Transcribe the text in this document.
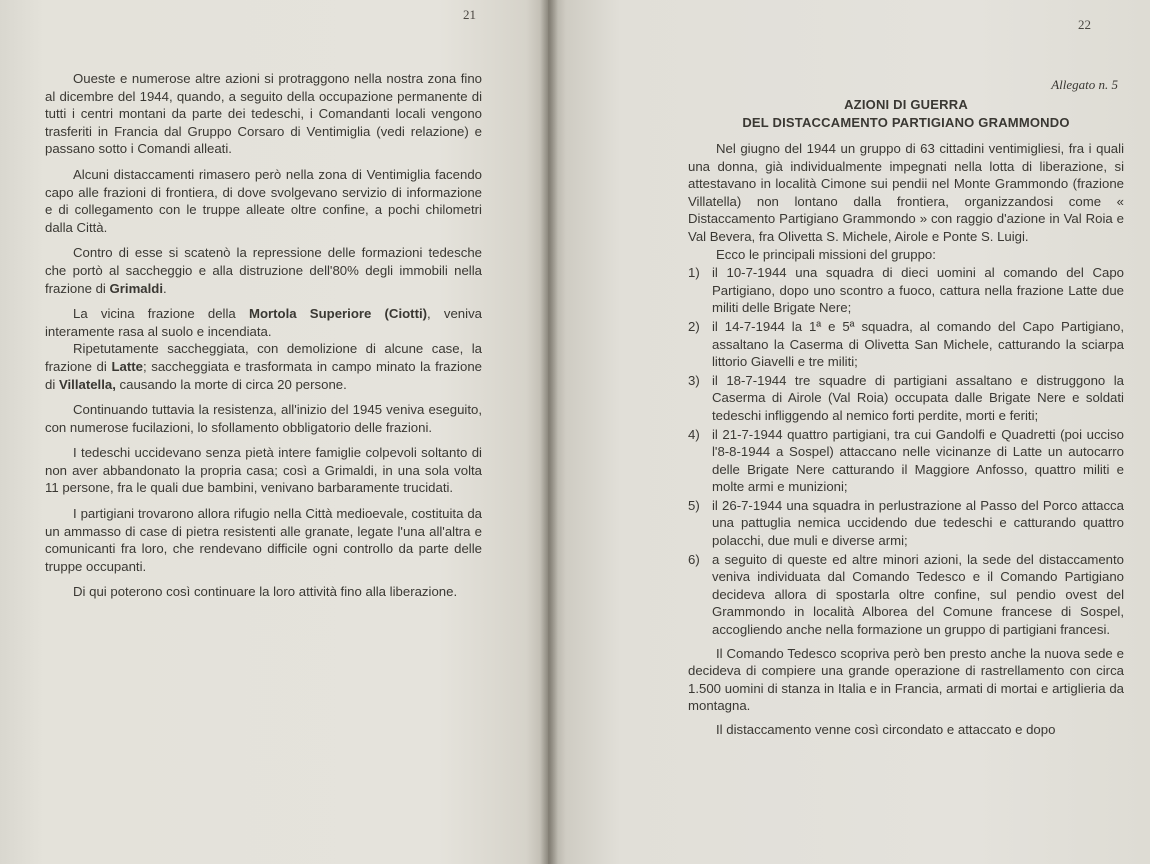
21

Oueste e numerose altre azioni si protraggono nella nostra zona fino al dicembre del 1944, quando, a seguito della occupazione permanente di tutti i centri montani da parte dei tedeschi, i Comandanti locali vengono trasferiti in Francia dal Gruppo Corsaro di Ventimiglia (vedi relazione) e passano sotto i Comandi alleati.

Alcuni distaccamenti rimasero però nella zona di Ventimiglia facendo capo alle frazioni di frontiera, di dove svolgevano servizio di informazione e di collegamento con le truppe alleate oltre confine, a pochi chilometri dalla Città.

Contro di esse si scatenò la repressione delle formazioni tedesche che portò al saccheggio e alla distruzione dell'80% degli immobili nella frazione di Grimaldi.

La vicina frazione della Mortola Superiore (Ciotti), veniva interamente rasa al suolo e incendiata.

Ripetutamente saccheggiata, con demolizione di alcune case, la frazione di Latte; saccheggiata e trasformata in campo minato la frazione di Villatella, causando la morte di circa 20 persone.

Continuando tuttavia la resistenza, all'inizio del 1945 veniva eseguito, con numerose fucilazioni, lo sfollamento obbligatorio delle frazioni.

I tedeschi uccidevano senza pietà intere famiglie colpevoli soltanto di non aver abbandonato la propria casa; così a Grimaldi, in una sola volta 11 persone, fra le quali due bambini, venivano barbaramente trucidati.

I partigiani trovarono allora rifugio nella Città medioevale, costituita da un ammasso di case di pietra resistenti alle granate, legate l'una all'altra e comunicanti fra loro, che rendevano difficile ogni controllo da parte delle truppe occupanti.

Di qui poterono così continuare la loro attività fino alla liberazione.

22
Allegato n. 5
AZIONI DI GUERRA
DEL DISTACCAMENTO PARTIGIANO GRAMMONDO

Nel giugno del 1944 un gruppo di 63 cittadini ventimigliesi, fra i quali una donna, già individualmente impegnati nella lotta di liberazione, si attestavano in località Cimone sui pendii nel Monte Grammondo (frazione Villatella) non lontano dalla frontiera, organizzandosi come « Distaccamento Partigiano Grammondo » con raggio d'azione in Val Roia e Val Bevera, fra Olivetta S. Michele, Airole e Ponte S. Luigi.

Ecco le principali missioni del gruppo:

1) il 10-7-1944 una squadra di dieci uomini al comando del Capo Partigiano, dopo uno scontro a fuoco, cattura nella frazione Latte due militi delle Brigate Nere;
2) il 14-7-1944 la 1ª e 5ª squadra, al comando del Capo Partigiano, assaltano la Caserma di Olivetta San Michele, catturando la sciarpa littorio Giavelli e tre militi;
3) il 18-7-1944 tre squadre di partigiani assaltano e distruggono la Caserma di Airole (Val Roia) occupata dalle Brigate Nere e soldati tedeschi infliggendo al nemico forti perdite, morti e feriti;
4) il 21-7-1944 quattro partigiani, tra cui Gandolfi e Quadretti (poi ucciso l'8-8-1944 a Sospel) attaccano nelle vicinanze di Latte un autocarro delle Brigate Nere catturando il Maggiore Anfosso, quattro militi e molte armi e munizioni;
5) il 26-7-1944 una squadra in perlustrazione al Passo del Porco attacca una pattuglia nemica uccidendo due tedeschi e catturando quattro polacchi, due muli e diverse armi;
6) a seguito di queste ed altre minori azioni, la sede del distaccamento veniva individuata dal Comando Tedesco e il Comando Partigiano decideva allora di spostarla oltre confine, sul pendio ovest del Grammondo in località Alborea del Comune francese di Sospel, accogliendo anche nella formazione un gruppo di partigiani francesi.

Il Comando Tedesco scopriva però ben presto anche la nuova sede e decideva di compiere una grande operazione di rastrellamento con circa 1.500 uomini di stanza in Italia e in Francia, armati di mortai e artiglieria da montagna.

Il distaccamento venne così circondato e attaccato e dopo
